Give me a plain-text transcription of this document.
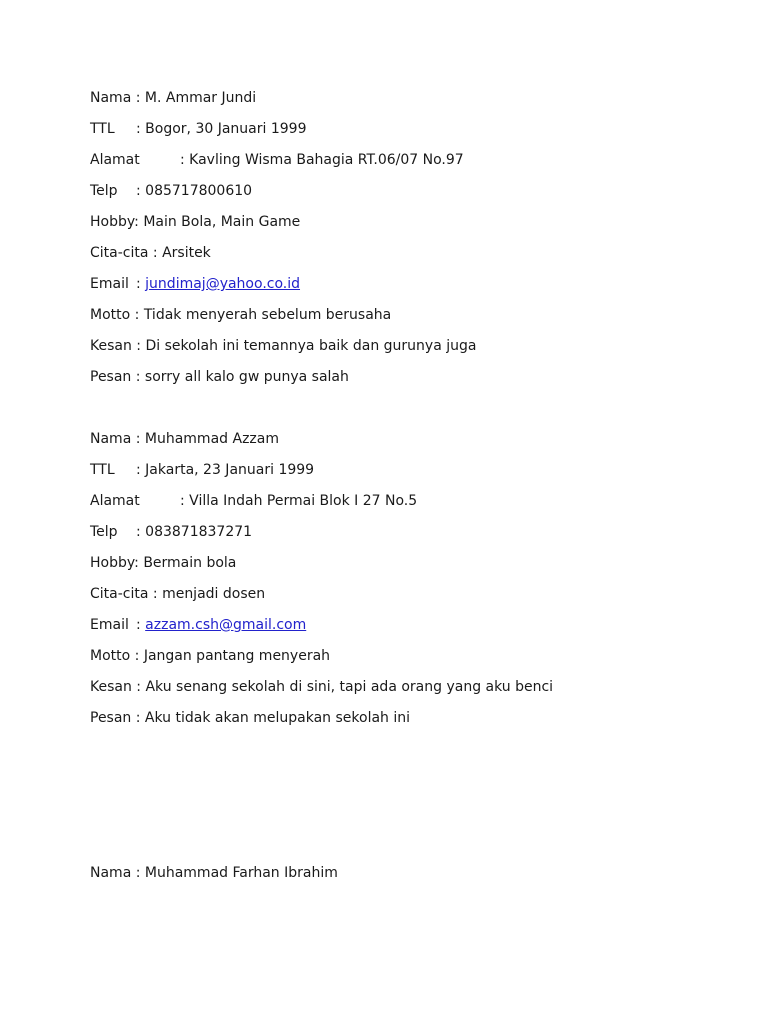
Nama : M. Ammar Jundi
TTL	: Bogor, 30 Januari 1999
Alamat	: Kavling Wisma Bahagia RT.06/07 No.97
Telp	: 085717800610
Hobby: Main Bola, Main Game
Cita-cita : Arsitek
Email : jundimaj@yahoo.co.id
Motto : Tidak menyerah sebelum berusaha
Kesan : Di sekolah ini temannya baik dan gurunya juga
Pesan : sorry all kalo gw punya salah
Nama : Muhammad Azzam
TTL	: Jakarta, 23 Januari 1999
Alamat	: Villa Indah Permai Blok I 27 No.5
Telp	: 083871837271
Hobby: Bermain bola
Cita-cita : menjadi dosen
Email : azzam.csh@gmail.com
Motto : Jangan pantang menyerah
Kesan : Aku senang sekolah di sini, tapi ada orang yang aku benci
Pesan : Aku tidak akan melupakan sekolah ini
Nama : Muhammad Farhan Ibrahim
